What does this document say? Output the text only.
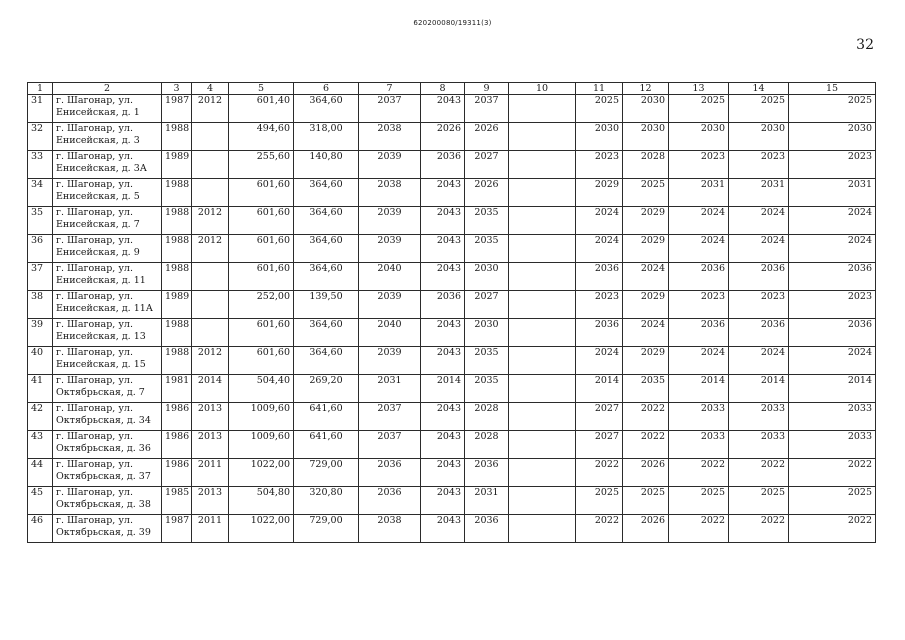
620200080/19311(3)
32
1	2	3	4	5	6	7	8	9	10	11	12	13	14	15
31	г. Шагонар, ул.
Енисейская, д. 1	1987	2012	601,40	364,60	2037	2043	2037		2025	2030	2025	2025	2025
32	г. Шагонар, ул.
Енисейская, д. 3	1988		494,60	318,00	2038	2026	2026		2030	2030	2030	2030	2030
33	г. Шагонар, ул.
Енисейская, д. 3А	1989		255,60	140,80	2039	2036	2027		2023	2028	2023	2023	2023
34	г. Шагонар, ул.
Енисейская, д. 5	1988		601,60	364,60	2038	2043	2026		2029	2025	2031	2031	2031
35	г. Шагонар, ул.
Енисейская, д. 7	1988	2012	601,60	364,60	2039	2043	2035		2024	2029	2024	2024	2024
36	г. Шагонар, ул.
Енисейская, д. 9	1988	2012	601,60	364,60	2039	2043	2035		2024	2029	2024	2024	2024
37	г. Шагонар, ул.
Енисейская, д. 11	1988		601,60	364,60	2040	2043	2030		2036	2024	2036	2036	2036
38	г. Шагонар, ул.
Енисейская, д. 11А	1989		252,00	139,50	2039	2036	2027		2023	2029	2023	2023	2023
39	г. Шагонар, ул.
Енисейская, д. 13	1988		601,60	364,60	2040	2043	2030		2036	2024	2036	2036	2036
40	г. Шагонар, ул.
Енисейская, д. 15	1988	2012	601,60	364,60	2039	2043	2035		2024	2029	2024	2024	2024
41	г. Шагонар, ул.
Октябрьская, д. 7	1981	2014	504,40	269,20	2031	2014	2035		2014	2035	2014	2014	2014
42	г. Шагонар, ул.
Октябрьская, д. 34	1986	2013	1009,60	641,60	2037	2043	2028		2027	2022	2033	2033	2033
43	г. Шагонар, ул.
Октябрьская, д. 36	1986	2013	1009,60	641,60	2037	2043	2028		2027	2022	2033	2033	2033
44	г. Шагонар, ул.
Октябрьская, д. 37	1986	2011	1022,00	729,00	2036	2043	2036		2022	2026	2022	2022	2022
45	г. Шагонар, ул.
Октябрьская, д. 38	1985	2013	504,80	320,80	2036	2043	2031		2025	2025	2025	2025	2025
46	г. Шагонар, ул.
Октябрьская, д. 39	1987	2011	1022,00	729,00	2038	2043	2036		2022	2026	2022	2022	2022
